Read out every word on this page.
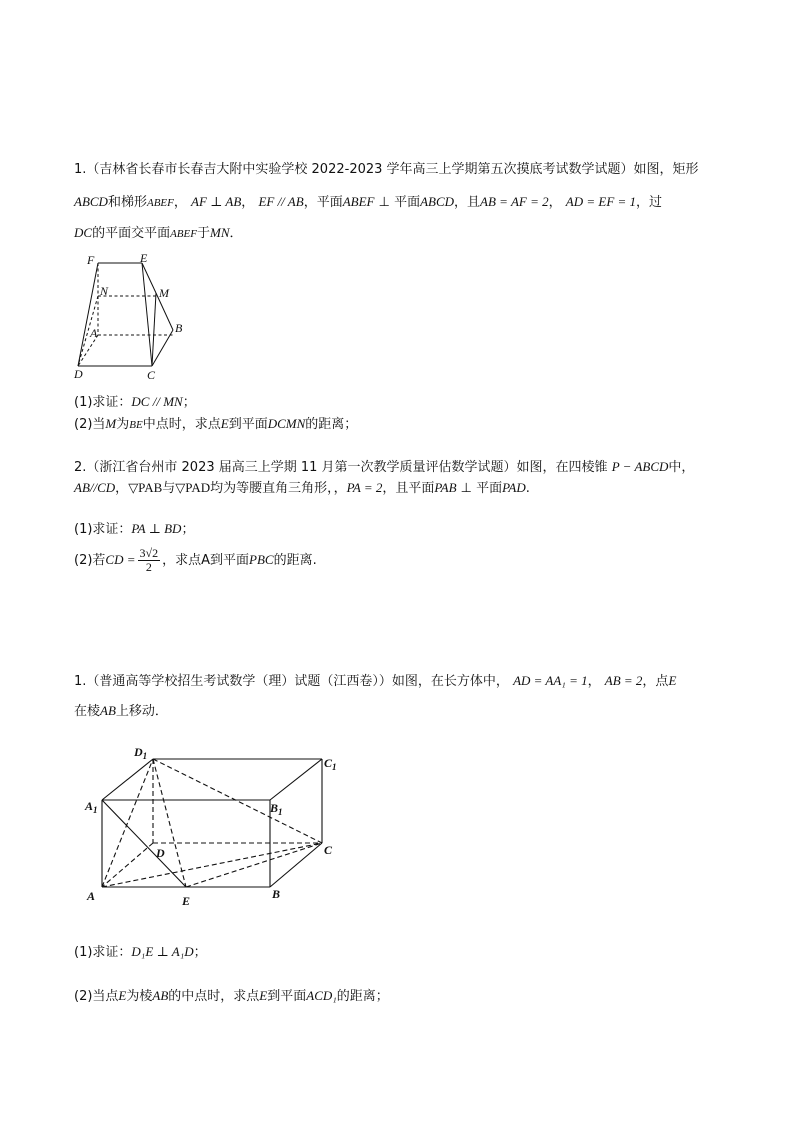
1.（吉林省长春市长春吉大附中实验学校 2022-2023 学年高三上学期第五次摸底考试数学试题）如图，矩形
ABCD和梯形ABEF， AF ⊥ AB， EF // AB，平面ABEF ⊥ 平面ABCD，且AB = AF = 2， AD = EF = 1，过
DC的平面交平面ABEF于MN．
F	E
N	M
A	B
D	C
(1)求证：DC // MN；
(2)当M为BE中点时，求点E到平面DCMN的距离；
2.（浙江省台州市 2023 届高三上学期 11 月第一次教学质量评估数学试题）如图，在四棱锥 P − ABCD中，
AB//CD，▽PAB与▽PAD均为等腰直角三角形，，PA = 2，且平面PAB ⊥ 平面PAD.
(1)求证：PA ⊥ BD；
(2)若CD = $\frac{3√2}{2}$ ，求点A到平面PBC的距离.
1.（普通高等学校招生考试数学（理）试题（江西卷））如图，在长方体中， AD = AA₁ = 1， AB = 2，点E
在棱AB上移动．
$D_1$	$C_1$
$A_1$	$B_1$
D	C
A	E	B
(1)求证：D₁E ⊥ A₁D；
(2)当点E为棱AB的中点时，求点E到平面ACD₁的距离；
